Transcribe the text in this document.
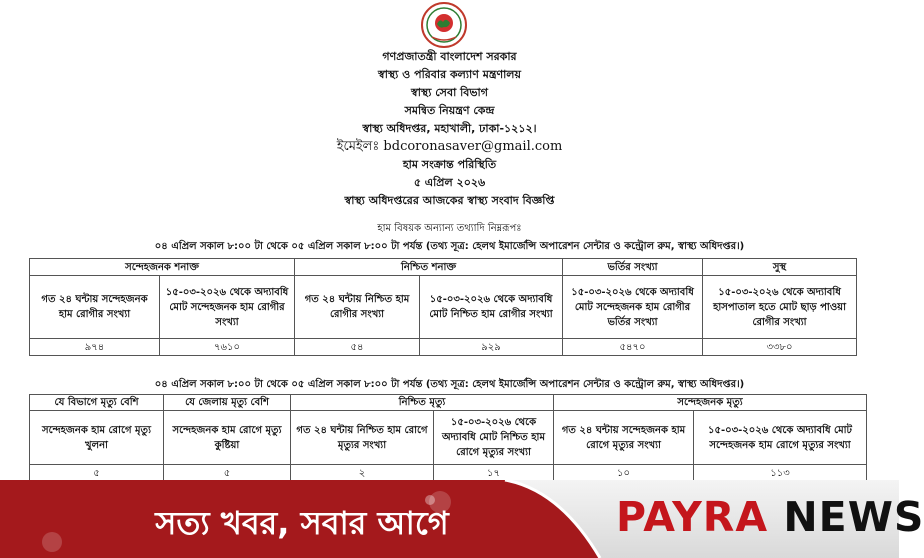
গণপ্রজাতন্ত্রী বাংলাদেশ সরকার
স্বাস্থ্য ও পরিবার কল্যাণ মন্ত্রণালয়
স্বাস্থ্য সেবা বিভাগ
সমন্বিত নিয়ন্ত্রণ কেন্দ্র
স্বাস্থ্য অধিদপ্তর, মহাখালী, ঢাকা-১২১২।
ইমেইলঃ bdcoronasaver@gmail.com
হাম সংক্রান্ত পরিস্থিতি
৫ এপ্রিল ২০২৬
স্বাস্থ্য অধিদপ্তরের আজকের স্বাস্থ্য সংবাদ বিজ্ঞপ্তি
হাম বিষয়ক অন্যান্য তথ্যাদি নিম্নরূপঃ
০৪ এপ্রিল সকাল ৮:০০ টা থেকে ০৫ এপ্রিল সকাল ৮:০০ টা পর্যন্ত (তথ্য সূত্র: হেলথ ইমার্জেন্সি অপারেশন সেন্টার ও কন্ট্রোল রুম, স্বাস্থ্য অধিদপ্তর।)
সন্দেহজনক শনাক্ত		নিশ্চিত শনাক্ত		ভর্তির সংখ্যা	সুস্থ
গত ২৪ ঘন্টায় সন্দেহজনক হাম রোগীর সংখ্যা	১৫-০৩-২০২৬ থেকে অদ্যাবধি মোট সন্দেহজনক হাম রোগীর সংখ্যা	গত ২৪ ঘন্টায় নিশ্চিত হাম রোগীর সংখ্যা	১৫-০৩-২০২৬ থেকে অদ্যাবধি মোট নিশ্চিত হাম রোগীর সংখ্যা	১৫-০৩-২০২৬ থেকে অদ্যাবধি মোট সন্দেহজনক হাম রোগীর ভর্তির সংখ্যা	১৫-০৩-২০২৬ থেকে অদ্যাবধি হাসপাতাল হতে মোট ছাড় পাওয়া রোগীর সংখ্যা
৯৭৪	৭৬১০	৫৪	৯২৯	৫৪৭০	৩৩৮০
০৪ এপ্রিল সকাল ৮:০০ টা থেকে ০৫ এপ্রিল সকাল ৮:০০ টা পর্যন্ত (তথ্য সূত্র: হেলথ ইমার্জেন্সি অপারেশন সেন্টার ও কন্ট্রোল রুম, স্বাস্থ্য অধিদপ্তর।)
যে বিভাগে মৃত্যু বেশি	যে জেলায় মৃত্যু বেশি	নিশ্চিত মৃত্যু		সন্দেহজনক মৃত্যু	
সন্দেহজনক হাম রোগে মৃত্যু খুলনা	সন্দেহজনক হাম রোগে মৃত্যু কুষ্টিয়া	গত ২৪ ঘন্টায় নিশ্চিত হাম রোগে মৃত্যুর সংখ্যা	১৫-০৩-২০২৬ থেকে অদ্যাবধি মোট নিশ্চিত হাম রোগে মৃত্যুর সংখ্যা	গত ২৪ ঘন্টায় সন্দেহজনক হাম রোগে মৃত্যুর সংখ্যা	১৫-০৩-২০২৬ থেকে অদ্যাবধি মোট সন্দেহজনক হাম রোগে মৃত্যুর সংখ্যা
৫	৫	২	১৭	১০	১১৩
সত্য খবর, সবার আগে	PAYRA NEWS
